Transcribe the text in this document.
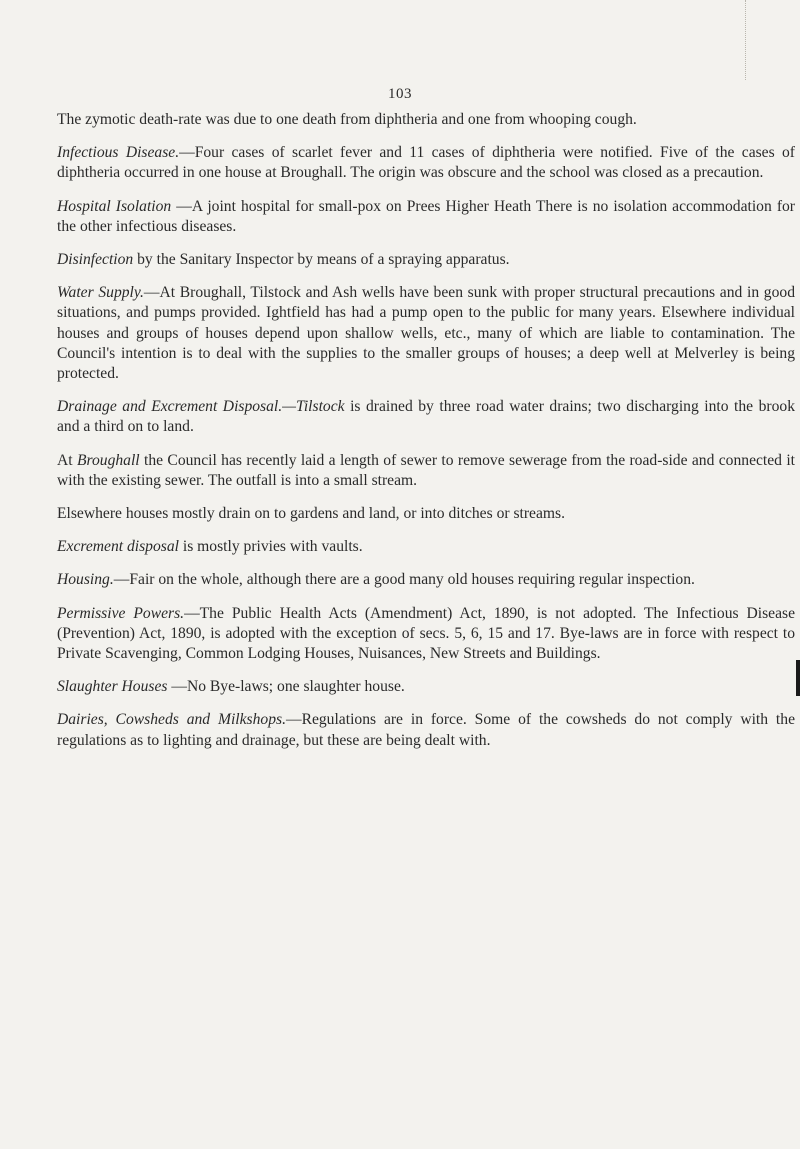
103

The zymotic death-rate was due to one death from diphtheria and one from whooping cough.

Infectious Disease.—Four cases of scarlet fever and 11 cases of diphtheria were notified. Five of the cases of diphtheria occurred in one house at Broughall. The origin was obscure and the school was closed as a precaution.

Hospital Isolation —A joint hospital for small-pox on Prees Higher Heath There is no isolation accommodation for the other infectious diseases.

Disinfection by the Sanitary Inspector by means of a spraying apparatus.

Water Supply.—At Broughall, Tilstock and Ash wells have been sunk with proper structural precautions and in good situations, and pumps provided. Ightfield has had a pump open to the public for many years. Elsewhere individual houses and groups of houses depend upon shallow wells, etc., many of which are liable to contamination. The Council's intention is to deal with the supplies to the smaller groups of houses; a deep well at Melverley is being protected.

Drainage and Excrement Disposal.—Tilstock is drained by three road water drains; two discharging into the brook and a third on to land.

At Broughall the Council has recently laid a length of sewer to remove sewerage from the road-side and connected it with the existing sewer. The outfall is into a small stream.

Elsewhere houses mostly drain on to gardens and land, or into ditches or streams.

Excrement disposal is mostly privies with vaults.

Housing.—Fair on the whole, although there are a good many old houses requiring regular inspection.

Permissive Powers.—The Public Health Acts (Amendment) Act, 1890, is not adopted. The Infectious Disease (Prevention) Act, 1890, is adopted with the exception of secs. 5, 6, 15 and 17. Bye-laws are in force with respect to Private Scavenging, Common Lodging Houses, Nuisances, New Streets and Buildings.

Slaughter Houses —No Bye-laws; one slaughter house.

Dairies, Cowsheds and Milkshops.—Regulations are in force. Some of the cowsheds do not comply with the regulations as to lighting and drainage, but these are being dealt with.
